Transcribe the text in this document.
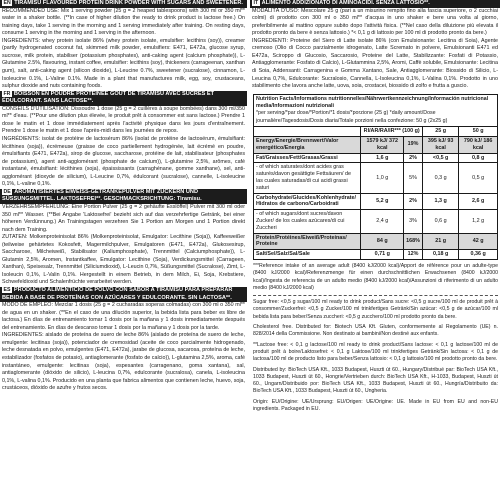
EN TIRAMISU FLAVOURED PROTEIN DRINK POWDER WITH SUGARS AND SWEETENER.

RECOMMENDED USE: Mix 1 serving powder (25 g = 2 heaped tablespoons) with 300 ml or 350 ml** water in a shaker bottle. (**In case of higher dilution the ready to drink product is lactose free.) On training days, take 1 serving in the morning and 1 serving immediately after training. On resting days, consume 1 serving in the morning and 1 serving in the afternoon.

INGREDIENTS: whey protein isolate 86% (whey protein isolate, emulsifier: lecithins (soy)), creamer (partly hydrogenated coconut fat, skimmed milk powder, emulsifiers: E471, E472a, glucose syrup, sucrose, milk protein, stabiliser (potassium phosphates), anti-caking agent (calcium phosphate)), L-Glutamine 2.5%, flavouring, instant coffee, emulsifier: lecithins (soy), thickeners (carrageenan, xanthan gum), salt, anti-caking agent (silicon dioxide), L-Leucine 0.7%, sweetener (sucralose), cinnamon, L-Isoleucine 0.1%, L-Valine 0.1%. Made in a plant that manufactures milk, egg, soy, crustaceans, sulphur dioxide and nuts containing foods.

FR BOISSON EN POUDRE PROTÉINÉE GOÛT DE TIRAMISU AVEC SUCRES ET ÉDULCORANT. SANS LACTOSE**.

CONSEILS D'UTILISATION: Dissoudre 1 dose (25 g = 2 cuillères à soupe bombées) dans 300 ml/350 ml** d'eau. (**Pour une dilution plus élevée, le produit prêt à consommer est sans lactose.) Prendre 1 dose le matin et 1 dose immédiatement après l'activité physique dans les jours d'entraînement. Prendre 1 dose le matin et 1 dose l'après-midi dans les journées de repos.

INGRÉDIENTS: isolat de protéine de lactosérum 86% (isolat de protéine de lactosérum, émulsifiant: lécithines (soja)), écrémeuse (graisse de coco partiellement hydrogénée, lait écrémé en poudre, émulsifiants (E471, E472a), sirop de glucose, saccharose, protéine de lait, stabilisateur (phosphates de potassium), agent anti-agglomérant (phosphate de calcium)), L-glutamine 2,5%, arômes, café instantané, émulsifiant: lécithines (soja), épaississants (carraghénane, gomme xanthane), sel, anti-agglomérant (dioxyde de silicium), L-Leucine 0,7%, édulcorant (sucralose), cannelle, L-isoleucine 0,1%, L-valine 0,1%.

DE AROMATISIERTES EIWEISS-GETRÄNKEPULVER MIT ZUCKERN UND SÜSSUNGSMITTEL. LAKTOSEFREI**. GESCHMACKSRICHTUNG: Tiramisu.

VERZEHRSEMPFEHLUNG: Eine Portion Pulver (25 g = 2 gehäufte Esslöffel) Pulver mit 300 ml oder 350 ml** Wasser. (**Bei Angabe 'Laktosefrei' bezieht sich auf das verzehrfertige Getränk, bei einer höheren Verdünnung.) An Trainingstagen verzehren Sie 1 Portion am Morgen und 1 Portion direkt nach dem Training.

ZUTATEN: Molkenproteinisolat 86% (Molkenproteinisolat, Emulgator: Lecithine (Soja)), Kaffeeweißer (teilweise gehärtetes Kokosfett, Magermilchpulver, Emulgatoren (E471, E472a), Glukosesirup, Saccharose, Milcheiweiß, Stabilisator (Kaliumphosphate), Trennmittel (Calciumphosphate)), L-Glutamin 2,5%, Aromen, Instantkaffee, Emulgator: Lecithine (Soja), Verdickungsmittel (Carrageen, Xanthan), Speisesalz, Trennmittel (Siliciumdioxid), L-Leucin 0,7%, Süßungsmittel (Sucralose), Zimt, L-Isoleucin 0,1%, L-Valin 0,1%. Hergestellt in einem Betrieb, in dem Milch, Ei, Soja, Krebstiere, Schwefeldioxid und Schalenfrüchte verarbeitet werden.

ES PRODUCTO ALIMENTICIO DE POLVO CON SABOR A TIRAMISÚ PARA PREPARAR BEBIDA A BASE DE PROTEÍNAS CON AZÚCARES Y EDULCORANTE. SIN LACTOSA**.

MODO DE EMPLEO: Mezclar 1 dosis (25 g = 2 cucharadas soperas colmadas) con 300 ml o 350 ml** de agua en un shaker. (**En el caso de una dilución superior, la bebida lista para beber es libre de lactosa.) En días de entrenamiento tomar 1 dosis por la mañana y 1 dosis inmediatamente después del entrenamiento. En días de descanso tomar 1 dosis por la mañana y 1 dosis por la tarde.

INGREDIENTES: aislado de proteína de suero de leche 86% (aislado de proteína de suero de leche, emulgente: lecitinas (soja)), potenciador de cremosidad (aceite de coco parcialmente hidrogenado, leche desnatada en polvo, emulgentes (E471, E472a), jarabe de glucosa, sacarosa, proteína de leche, estabilizador (fosfatos de potasio), antiaglomerante (fosfato de calcio)), L-glutamina 2,5%, aroma, café instantáneo, emulgente: lecitinas (soja), espesantes (carragenano, goma xantana), sal, antiaglomerante (dióxido de silicio), L-leucina 0,7%, edulcorante (sucralosa), canela, L-isoleucina 0,1%, L-valina 0,1%. Producido en una planta que fabrica alimentos que contienen leche, huevo, soja, crustáceos, dióxido de azufre y frutos secos.

IT ALIMENTO ADDIZIONATO DI AMINOACIDI. SENZA LATTOSIO**.

MODALITÀ D'USO: Mescolare 25 g (pari a un misurino rempito fino alla fascia superiore, o 2 cucchiai colmi) di prodotto con 300 ml o 350 ml** d'acqua in uno shaker e bere una volta al giorno, preferibilmente al mattino oppure subito dopo l'attività fisica. (**Nel caso della diluizione più elevata il prodotto pronto da bere è senza lattosio.) *< 0,1 g di lattosio per 100 ml di prodotto pronto da bere.)

INGREDIENTI: Proteine del Siero di Latte isolate 86% (con Emulsionante: Lecitina di Soia), Agente cremoso (Olio di Cocco parzialmente idrogenato, Latte Scremato in polvere, Emulsionanti E471 ed E472a, Sciroppo di Glucosio, Saccarosio, Proteine del Latte, Stabilizzante: Fosfati di Potassio, Antiagglomerante: Fosfato di Calcio), L-Glutammina 2,5%, Aromi, Caffè solubile, Emulsionante: Lecitina di Soia, Addensanti: Carragenina e Gomma Xantano, Sale, Antiagglomerante: Biossido di Silicio, L-Leucina 0,7%, Edulcorante: Sucralosio, Cannella, L-Isoleucina 0,1%, L-Valina 0,1%. Prodotto in uno stabilimento che lavora anche latte, uova, soia, crostacei, biossido di zolfo e frutta a guscio.

Nutrition Facts/Informations nutritionnelles/Nährwertkennzeichnung/Información nutricional media/Informazioni nutrizionali
*per serving/*par dose/*Portion/*1 dosis/*porzione (25 g) *daily amount/Dose journalière/Tagesdosis/Dosis diaria/Totale porzioni nella confezione: 50 g (2x25 g)
	RI/AR/RA/IR*** (100 g)		25 g	50 g
Energy/Energie/Brennwert/Valor energético/Energia	1579 kJ/ 372 kcal	19%	395 kJ/ 93 kcal	790 kJ/ 186 kcal
Fat/Graisses/Fett/Grasas/Grassi	1,6 g	2%	<0,5 g	0,8 g
- of which saturates/dont acides gras saturés/davon gesättigte Fettsäuren/ de las cuales saturadas/di cui acidi grassi saturi	1,0 g	5%	0,3 g	0,5 g
Carbohydrate/Glucides/Kohlenhydrate/ Hidratos de carbono/Carboidrati	5,2 g	2%	1,3 g	2,6 g
- of which sugars/dont sucres/davon Zucker/ de los cuales azúcares/di cui Zuccheri	2,4 g	3%	0,6 g	1,2 g
Protein/Protéines/Eiweiß/Proteínas/ Proteine	84 g	168%	21 g	42 g
Salt/Sel/Salz/Sal/Sale	0,71 g	12%	0,18 g	0,36 g

***Reference intake of an average adult (8400 kJ/2000 kcal)/Apport de référence pour un adulte-type (8400 kJ/2000 kcal)/Referenzmenge für einen durchschnittlichen Erwachsenen (8400 kJ/2000 kcal)/Ingesta de referencia de un adulto medio (8400 kJ/2000 kcal)/Assunzioni di riferimento di un adulto medio (8400 kJ/2000 kcal)

Sugar free: <0,5 g sugar/100 ml ready to drink product/Sans sucre: <0,5 g sucre/100 ml de produit prêt à consommer/Zuckerfrei: <0,5 g Zucker/100 ml trinkfertiges Getränk/Sin azúcar: <0,5 g de azúcar/100 ml bebida lista para beber/Senza zuccheri: <0,5 g zucchero/100 ml prodotto pronto da bere.

Cholesterol free. Distributed for: Biotech USA Kft. Gluten, conformemente al Regolamento (UE) n. 828/2014 della Commissione. Non destinato ai bambini/Non destiné aux enfants.

**Lactose free: < 0,1 g lactose/100 ml ready to drink product/Sans lactose: < 0,1 g lactose/100 ml de produit prêt à boire/Laktosefrei: < 0,1 g Laktose/100 ml trinkfertiges Getränk/Sin lactosa: < 0,1 g de lactosa/100 ml de producto listo para beber/Senza lattosio: < 0,1 g lattosio/100 ml prodotto pronto da bere.

Distributed by: BioTech USA Kft., 1033 Budapest, Huszti út 60., Hungary/Distribué par: BioTech USA Kft., 1033 Budapest, Huszti út 60., Hongrie/Vertrieben durch: BioTech USA Kft., H-1033, Budapest, Huszti út 60., Ungarn/Distribuido por: BioTech USA Kft., 1033 Budapest, Huszti út 60., Hungría/Distribuito da: BioTech USA Kft., 1033 Budapest, Huszti út 60., Ungheria.

Origin: EU/Origine: UE/Ursprung: EU/Origen: UE/Origine: UE. Made in EU from EU and non-EU ingredients. Packaged in EU.
